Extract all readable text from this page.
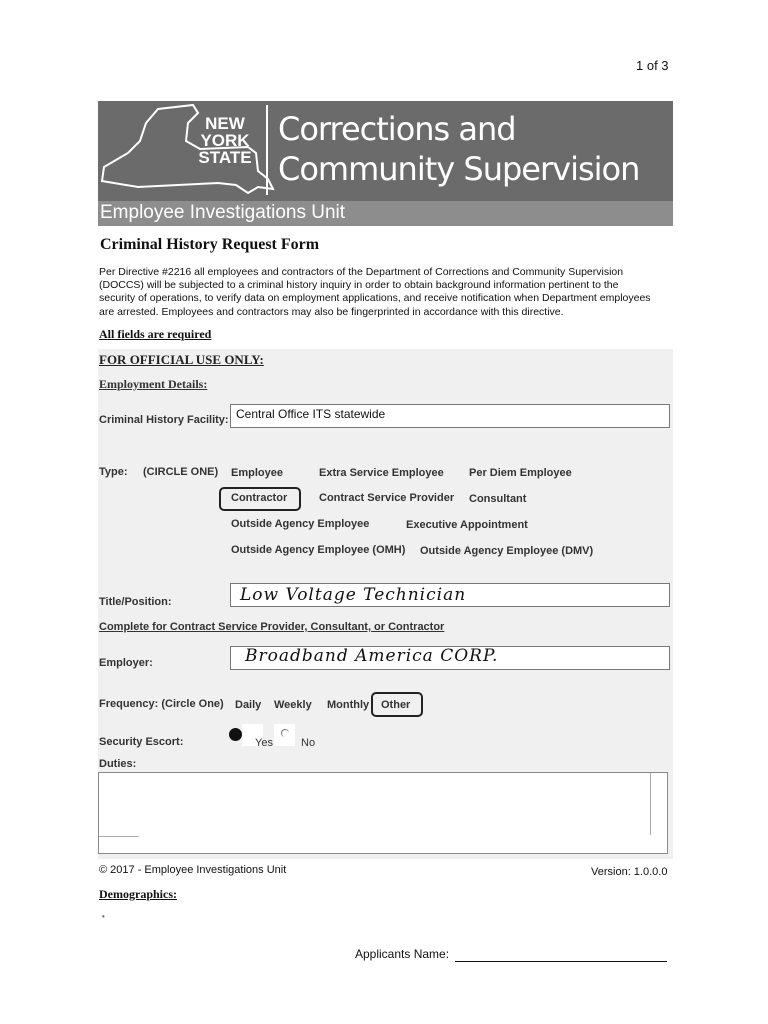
1 of 3
NEW
YORK
STATE
Corrections and
Community Supervision
Employee Investigations Unit
Criminal History Request Form
Per Directive #2216 all employees and contractors of the Department of Corrections and Community Supervision (DOCCS) will be subjected to a criminal history inquiry in order to obtain background information pertinent to the security of operations, to verify data on employment applications, and receive notification when Department employees are arrested. Employees and contractors may also be fingerprinted in accordance with this directive.
All fields are required
FOR OFFICIAL USE ONLY:
Employment Details:
Criminal History Facility: Central Office ITS statewide
Type: (CIRCLE ONE) Employee	Extra Service Employee Per Diem Employee
Contractor	Contract Service Provider Consultant
Outside Agency Employee	Executive Appointment
Outside Agency Employee (OMH) Outside Agency Employee (DMV)
Title/Position:	Low Voltage Technician
Complete for Contract Service Provider, Consultant, or Contractor
Employer:	Broadband America CORP.
Frequency: (Circle One) Daily Weekly Monthly Other
Security Escort:	Yes	No
Duties:
© 2017 - Employee Investigations Unit	Version: 1.0.0.0
Demographics:
•
Applicants Name:
